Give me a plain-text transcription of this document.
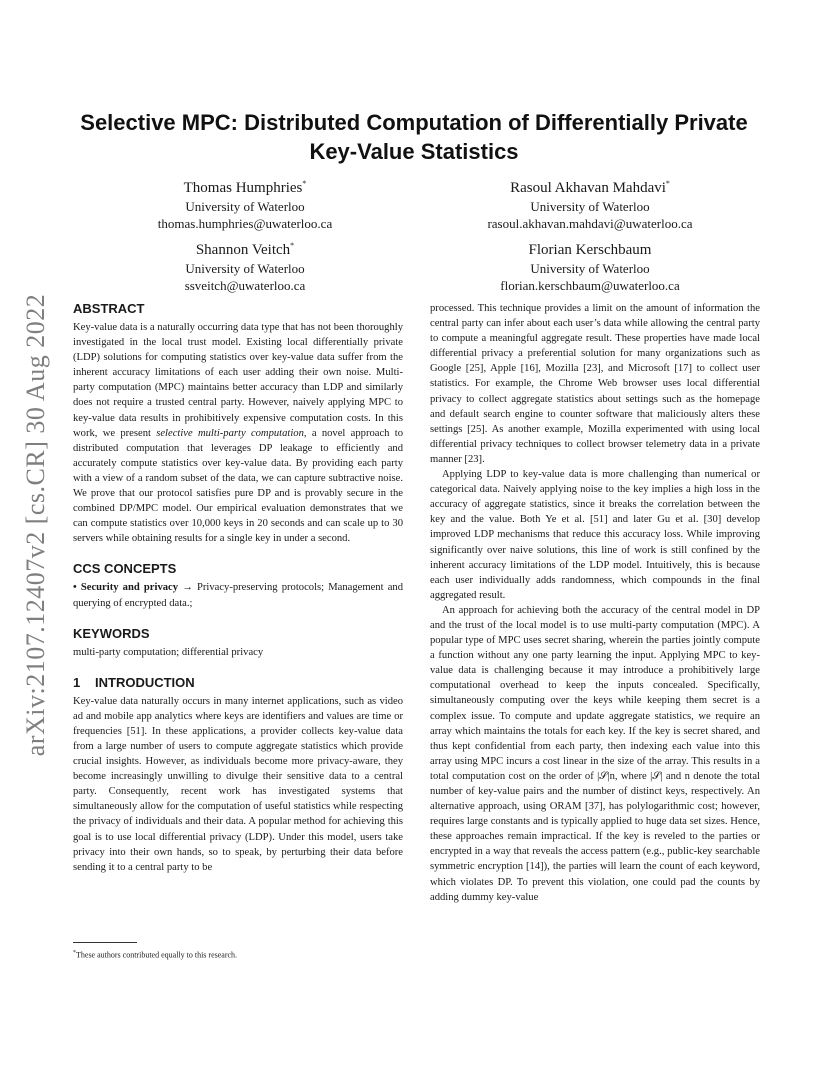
arXiv:2107.12407v2 [cs.CR] 30 Aug 2022
Selective MPC: Distributed Computation of Differentially Private Key-Value Statistics
Thomas Humphries*
University of Waterloo
thomas.humphries@uwaterloo.ca
Rasoul Akhavan Mahdavi*
University of Waterloo
rasoul.akhavan.mahdavi@uwaterloo.ca
Shannon Veitch*
University of Waterloo
ssveitch@uwaterloo.ca
Florian Kerschbaum
University of Waterloo
florian.kerschbaum@uwaterloo.ca
ABSTRACT

Key-value data is a naturally occurring data type that has not been thoroughly investigated in the local trust model. Existing local differentially private (LDP) solutions for computing statistics over key-value data suffer from the inherent accuracy limitations of each user adding their own noise. Multi-party computation (MPC) maintains better accuracy than LDP and similarly does not require a trusted central party. However, naively applying MPC to key-value data results in prohibitively expensive computation costs. In this work, we present selective multi-party computation, a novel approach to distributed computation that leverages DP leakage to efficiently and accurately compute statistics over key-value data. By providing each party with a view of a random subset of the data, we can capture subtractive noise. We prove that our protocol satisfies pure DP and is provably secure in the combined DP/MPC model. Our empirical evaluation demonstrates that we can compute statistics over 10,000 keys in 20 seconds and can scale up to 30 servers while obtaining results for a single key in under a second.

CCS CONCEPTS

• Security and privacy → Privacy-preserving protocols; Management and querying of encrypted data.;

KEYWORDS

multi-party computation; differential privacy

1 INTRODUCTION

Key-value data naturally occurs in many internet applications, such as video ad and mobile app analytics where keys are identifiers and values are time or frequencies [51]. In these applications, a provider collects key-value data from a large number of users to compute aggregate statistics which provide crucial insights. However, as individuals become more privacy-aware, they become increasingly unwilling to divulge their sensitive data to a central party. Consequently, recent work has investigated systems that simultaneously allow for the computation of useful statistics while respecting the privacy of individuals and their data. A popular method for achieving this goal is to use local differential privacy (LDP). Under this model, users take privacy into their own hands, so to speak, by perturbing their data before sending it to a central party to be

processed. This technique provides a limit on the amount of information the central party can infer about each user’s data while allowing the central party to compute a meaningful aggregate result. These properties have made local differential privacy a preferential solution for many organizations such as Google [25], Apple [16], Mozilla [23], and Microsoft [17] to collect user statistics. For example, the Chrome Web browser uses local differential privacy to collect aggregate statistics about settings such as the homepage and default search engine to counter software that maliciously alters these settings [25]. As another example, Mozilla experimented with using local differential privacy techniques to collect browser telemetry data in a private manner [23].

Applying LDP to key-value data is more challenging than numerical or categorical data. Naively applying noise to the key implies a high loss in the accuracy of aggregate statistics, since it breaks the correlation between the key and the value. Both Ye et al. [51] and later Gu et al. [30] develop improved LDP mechanisms that reduce this accuracy loss. While improving significantly over naive solutions, this line of work is still confined by the inherent accuracy limitations of the LDP model. Intuitively, this is because each user individually adds randomness, which compounds in the final aggregated result.

An approach for achieving both the accuracy of the central model in DP and the trust of the local model is to use multi-party computation (MPC). A popular type of MPC uses secret sharing, wherein the parties jointly compute a function without any one party learning the input. Applying MPC to key-value data is challenging because it may introduce a prohibitively large computational overhead to keep the inputs concealed. Specifically, simultaneously computing over the keys while keeping them secret is a complex issue. To compute and update aggregate statistics, we require an array which maintains the totals for each key. If the key is secret shared, and thus kept confidential from each party, then indexing each value into this array using MPC incurs a cost linear in the size of the array. This results in a total computation cost on the order of |𝒮|n, where |𝒮| and n denote the total number of key-value pairs and the number of distinct keys, respectively. An alternative approach, using ORAM [37], has polylogarithmic cost; however, requires large constants and is typically applied to huge data set sizes. Hence, these approaches remain impractical. If the key is reveled to the parties or encrypted in a way that reveals the access pattern (e.g., public-key searchable symmetric encryption [14]), the parties will learn the count of each keyword, which violates DP. To prevent this violation, one could pad the counts by adding dummy key-value

*These authors contributed equally to this research.
